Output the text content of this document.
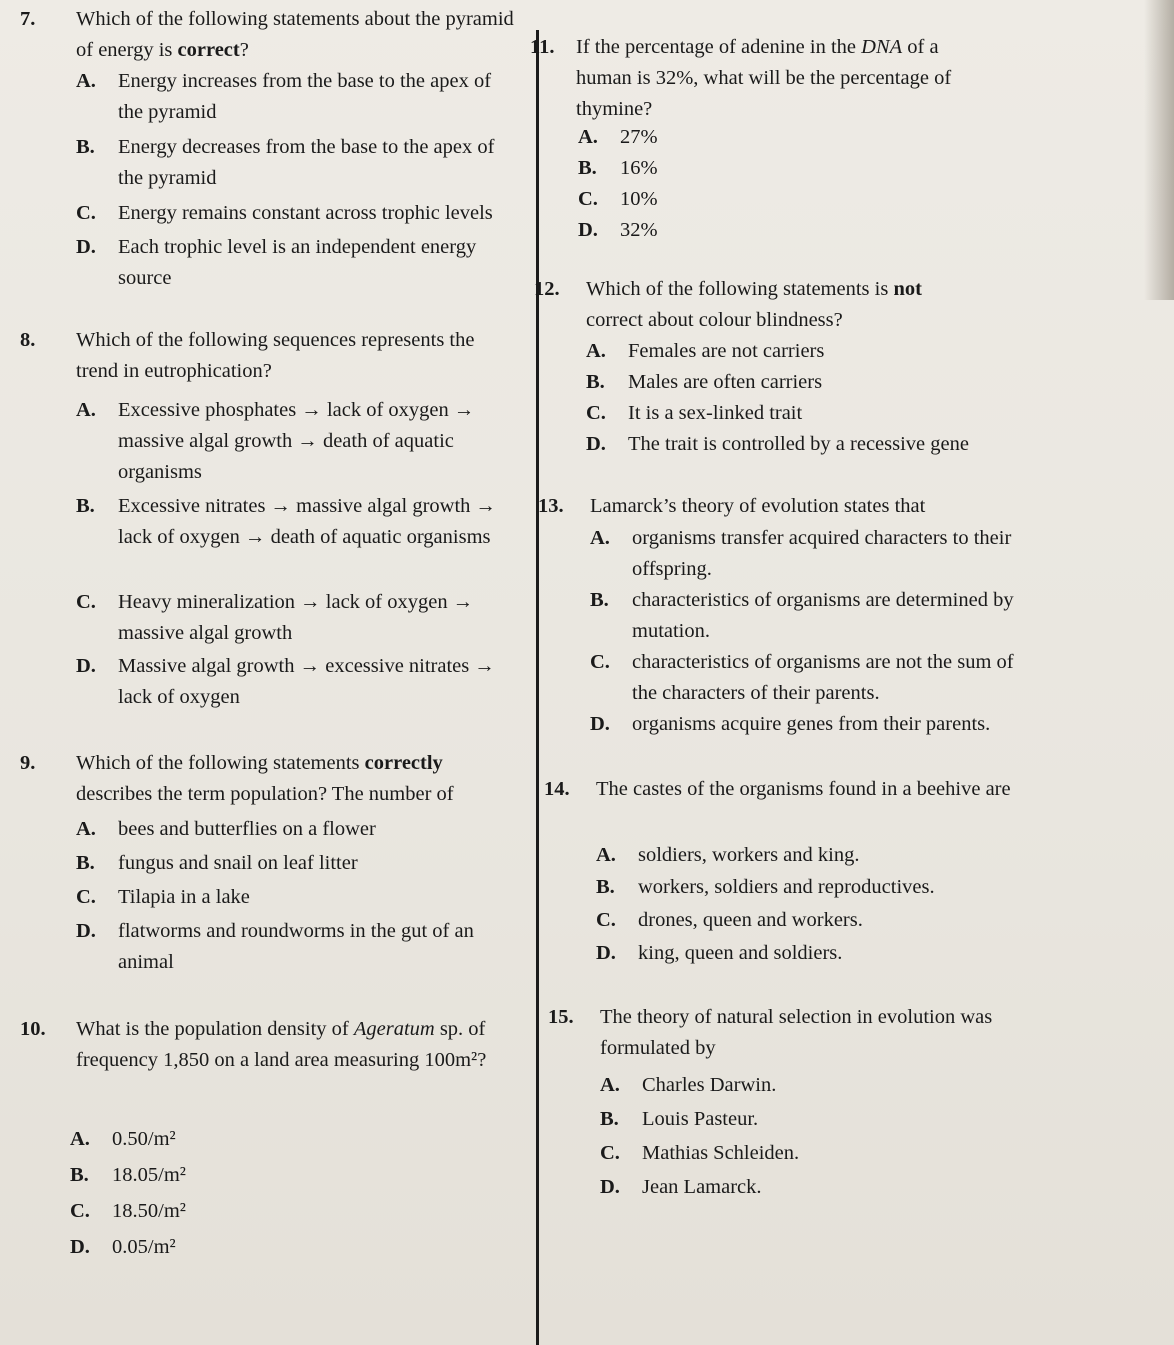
7.	Which of the following statements about the pyramid of energy is correct?
A. Energy increases from the base to the apex of the pyramid
B. Energy decreases from the base to the apex of the pyramid
C. Energy remains constant across trophic levels
D. Each trophic level is an independent energy source
8.	Which of the following sequences represents the trend in eutrophication?
A. Excessive phosphates → lack of oxygen → massive algal growth → death of aquatic organisms
B. Excessive nitrates → massive algal growth → lack of oxygen → death of aquatic organisms
C. Heavy mineralization → lack of oxygen → massive algal growth
D. Massive algal growth → excessive nitrates → lack of oxygen
9.	Which of the following statements correctly describes the term population? The number of
A. bees and butterflies on a flower
B. fungus and snail on leaf litter
C. Tilapia in a lake
D. flatworms and roundworms in the gut of an animal
10.	What is the population density of Ageratum sp. of frequency 1,850 on a land area measuring 100m²?
A. 0.50/m²
B. 18.05/m²
C. 18.50/m²
D. 0.05/m²
11.	If the percentage of adenine in the DNA of a human is 32%, what will be the percentage of thymine?
A. 27%
B. 16%
C. 10%
D. 32%
12.	Which of the following statements is not correct about colour blindness?
A. Females are not carriers
B. Males are often carriers
C. It is a sex-linked trait
D. The trait is controlled by a recessive gene
13.	Lamarck’s theory of evolution states that
A. organisms transfer acquired characters to their offspring.
B. characteristics of organisms are determined by mutation.
C. characteristics of organisms are not the sum of the characters of their parents.
D. organisms acquire genes from their parents.
14.	The castes of the organisms found in a beehive are
A. soldiers, workers and king.
B. workers, soldiers and reproductives.
C. drones, queen and workers.
D. king, queen and soldiers.
15.	The theory of natural selection in evolution was formulated by
A. Charles Darwin.
B. Louis Pasteur.
C. Mathias Schleiden.
D. Jean Lamarck.
